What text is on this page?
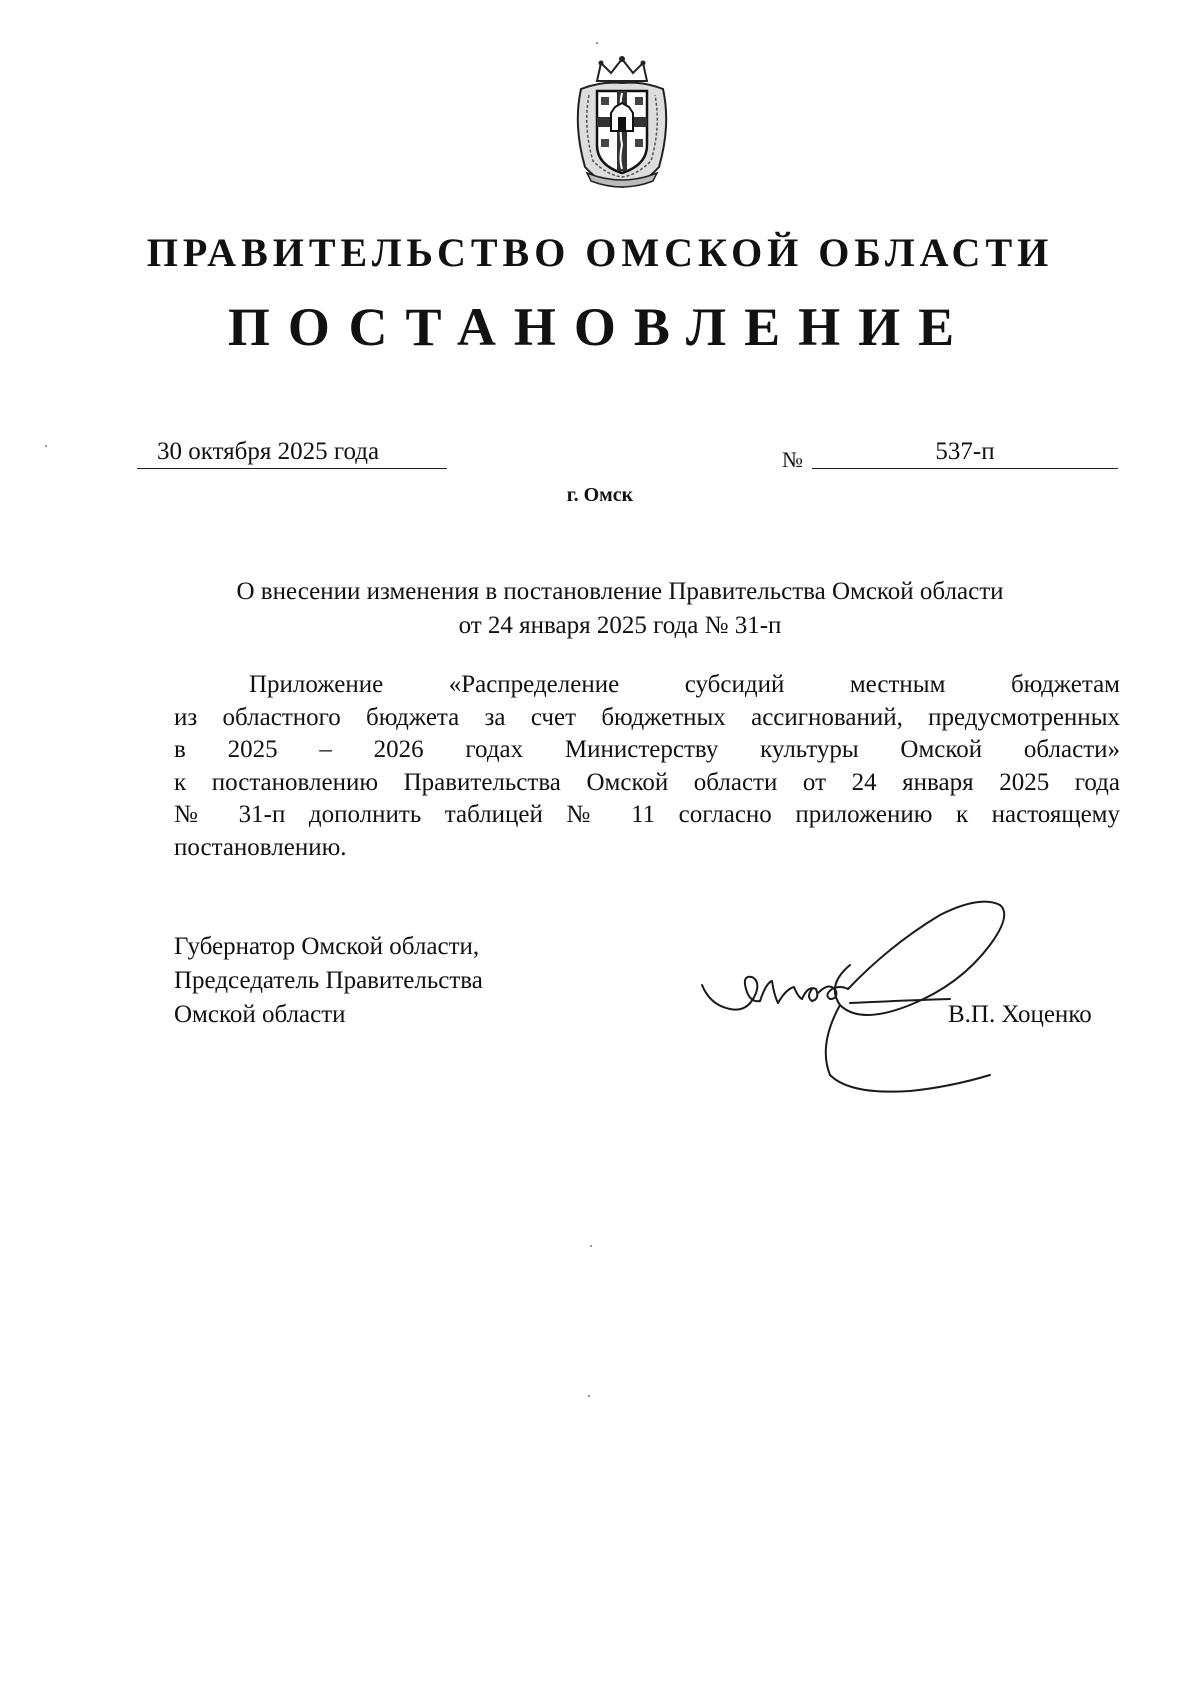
ПРАВИТЕЛЬСТВО ОМСКОЙ ОБЛАСТИ
ПОСТАНОВЛЕНИЕ
30 октября 2025 года	№	537-п
г. Омск
О внесении изменения в постановление Правительства Омской области
от 24 января 2025 года № 31-п
Приложение «Распределение субсидий местным бюджетам
из областного бюджета за счет бюджетных ассигнований, предусмотренных
в 2025 – 2026 годах Министерству культуры Омской области»
к постановлению Правительства Омской области от 24 января 2025 года
№ 31-п дополнить таблицей № 11 согласно приложению к настоящему
постановлению.
Губернатор Омской области,
Председатель Правительства
Омской области	В.П. Хоценко
